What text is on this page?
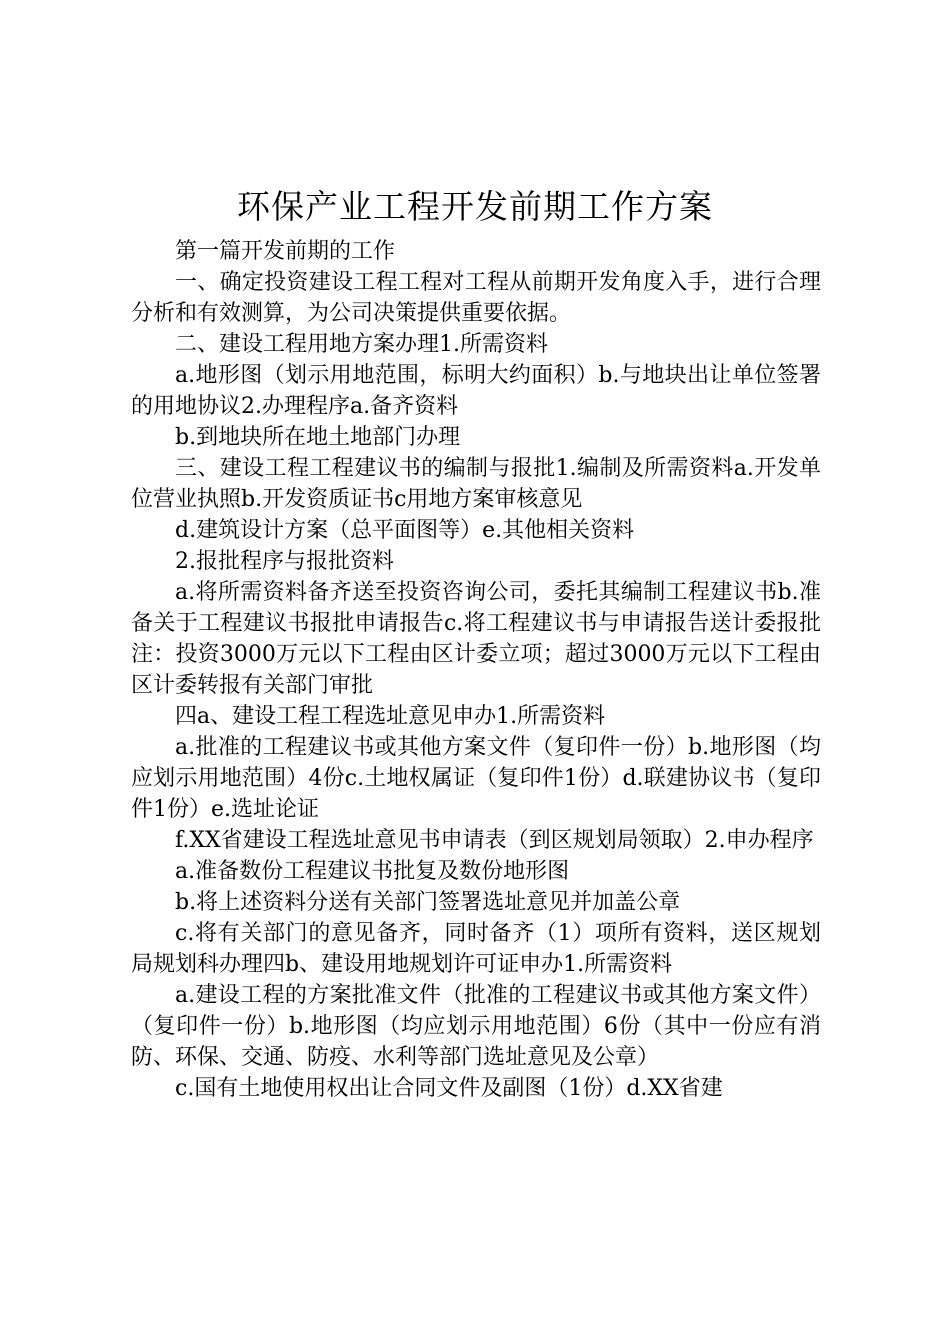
环保产业工程开发前期工作方案

第一篇开发前期的工作

一、确定投资建设工程工程对工程从前期开发角度入手，进行合理分析和有效测算，为公司决策提供重要依据。

二、建设工程用地方案办理1.所需资料

a.地形图（划示用地范围，标明大约面积）b.与地块出让单位签署的用地协议2.办理程序a.备齐资料

b.到地块所在地土地部门办理

三、建设工程工程建议书的编制与报批1.编制及所需资料a.开发单位营业执照b.开发资质证书c用地方案审核意见

d.建筑设计方案（总平面图等）e.其他相关资料

2.报批程序与报批资料

a.将所需资料备齐送至投资咨询公司，委托其编制工程建议书b.准备关于工程建议书报批申请报告c.将工程建议书与申请报告送计委报批注：投资3000万元以下工程由区计委立项；超过3000万元以下工程由区计委转报有关部门审批

四a、建设工程工程选址意见申办1.所需资料

a.批准的工程建议书或其他方案文件（复印件一份）b.地形图（均应划示用地范围）4份c.土地权属证（复印件1份）d.联建协议书（复印件1份）e.选址论证

f.XX省建设工程选址意见书申请表（到区规划局领取）2.申办程序

a.准备数份工程建议书批复及数份地形图

b.将上述资料分送有关部门签署选址意见并加盖公章

c.将有关部门的意见备齐，同时备齐（1）项所有资料，送区规划局规划科办理四b、建设用地规划许可证申办1.所需资料

a.建设工程的方案批准文件（批准的工程建议书或其他方案文件）（复印件一份）b.地形图（均应划示用地范围）6份（其中一份应有消防、环保、交通、防疫、水利等部门选址意见及公章）

c.国有土地使用权出让合同文件及副图（1份）d.XX省建
